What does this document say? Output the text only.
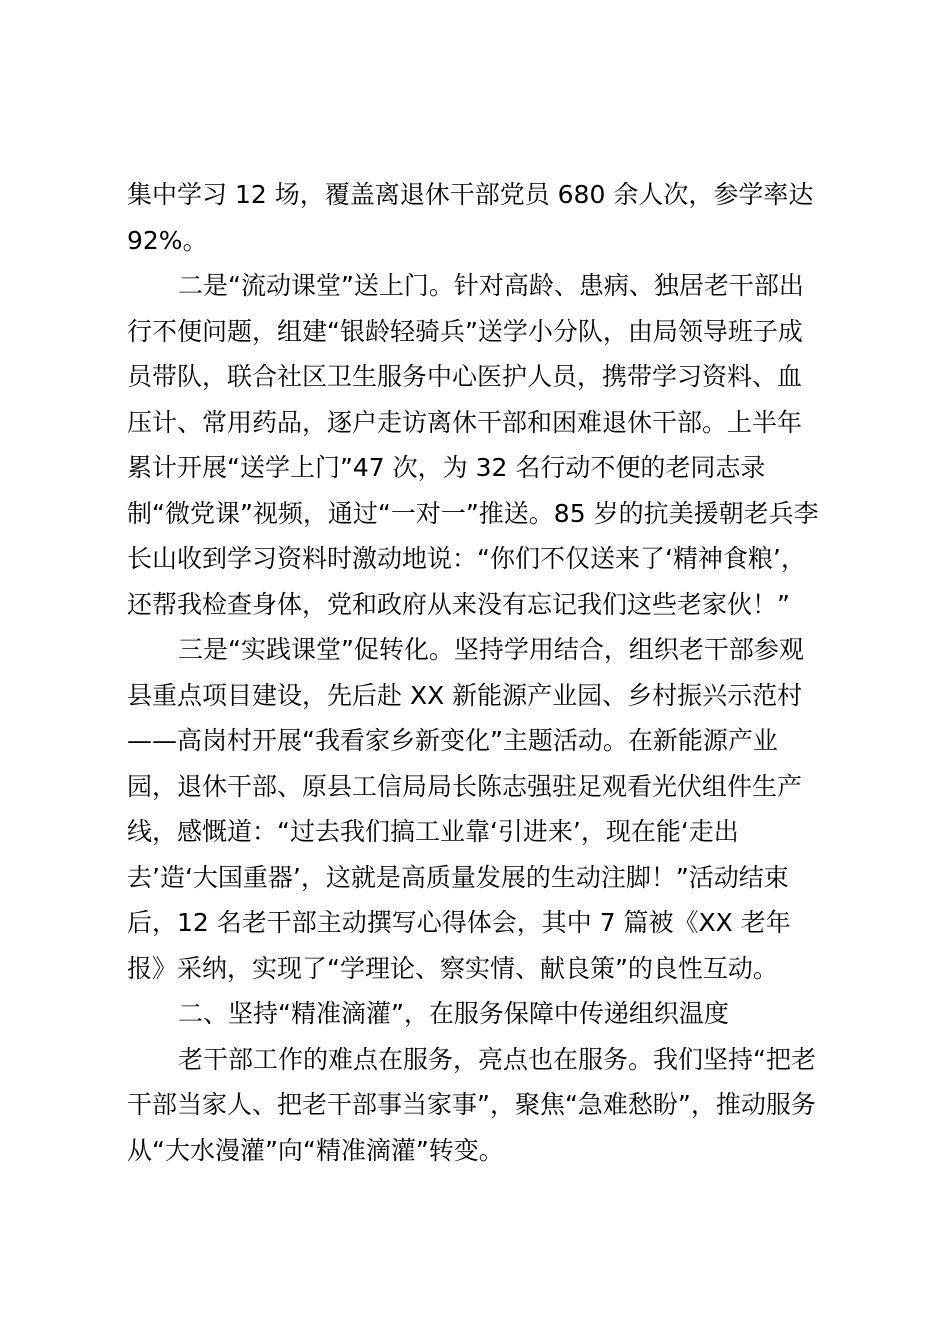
集中学习 12 场，覆盖离退休干部党员 680 余人次，参学率达
92%。
二是“流动课堂”送上门。针对高龄、患病、独居老干部出
行不便问题，组建“银龄轻骑兵”送学小分队，由局领导班子成
员带队，联合社区卫生服务中心医护人员，携带学习资料、血
压计、常用药品，逐户走访离休干部和困难退休干部。上半年
累计开展“送学上门”47 次，为 32 名行动不便的老同志录
制“微党课”视频，通过“一对一”推送。85 岁的抗美援朝老兵李
长山收到学习资料时激动地说：“你们不仅送来了‘精神食粮’，
还帮我检查身体，党和政府从来没有忘记我们这些老家伙！”
三是“实践课堂”促转化。坚持学用结合，组织老干部参观
县重点项目建设，先后赴 XX 新能源产业园、乡村振兴示范村
——高岗村开展“我看家乡新变化”主题活动。在新能源产业
园，退休干部、原县工信局局长陈志强驻足观看光伏组件生产
线，感慨道：“过去我们搞工业靠‘引进来’，现在能‘走出
去’造‘大国重器’，这就是高质量发展的生动注脚！”活动结束
后，12 名老干部主动撰写心得体会，其中 7 篇被《XX 老年
报》采纳，实现了“学理论、察实情、献良策”的良性互动。
二、坚持“精准滴灌”，在服务保障中传递组织温度
老干部工作的难点在服务，亮点也在服务。我们坚持“把老
干部当家人、把老干部事当家事”，聚焦“急难愁盼”，推动服务
从“大水漫灌”向“精准滴灌”转变。
